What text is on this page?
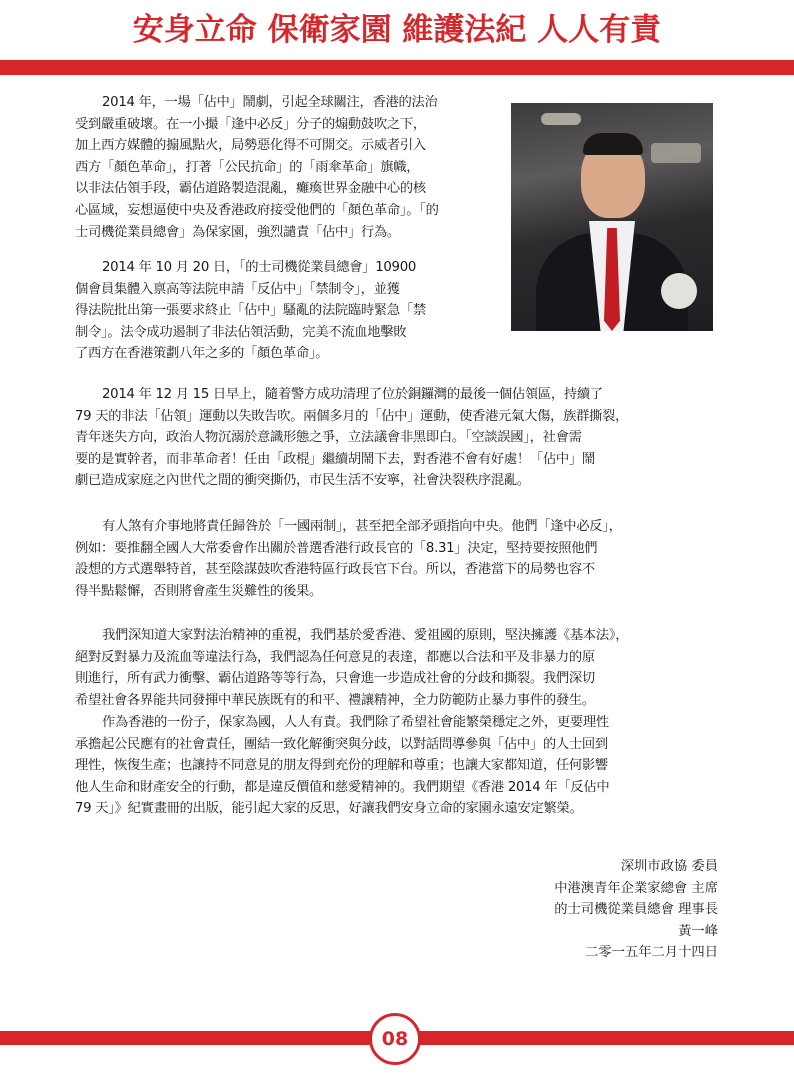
安身立命 保衛家園 維護法紀 人人有責
2014 年，一場「佔中」鬧劇，引起全球關注，香港的法治
受到嚴重破壞。在一小撮「逢中必反」分子的煽動鼓吹之下，
加上西方媒體的搧風點火，局勢惡化得不可開交。示威者引入
西方「顏色革命」，打著「公民抗命」的「雨傘革命」旗幟，
以非法佔領手段，霸佔道路製造混亂，癱瘓世界金融中心的核
心區域，妄想逼使中央及香港政府接受他們的「顏色革命」。「的
士司機從業員總會」為保家園，強烈譴責「佔中」行為。
2014 年 10 月 20 日，「的士司機從業員總會」10900
個會員集體入禀高等法院申請「反佔中」「禁制令」，並獲
得法院批出第一張要求終止「佔中」騷亂的法院臨時緊急「禁
制令」。法令成功遏制了非法佔領活動，完美不流血地擊敗
了西方在香港策劃八年之多的「顏色革命」。
2014 年 12 月 15 日早上，隨着警方成功清理了位於銅鑼灣的最後一個佔領區，持續了
79 天的非法「佔領」運動以失敗告吹。兩個多月的「佔中」運動，使香港元氣大傷，族群撕裂，
青年迷失方向，政治人物沉溺於意識形態之爭，立法議會非黑即白。「空談誤國」，社會需
要的是實幹者，而非革命者！任由「政棍」繼續胡鬧下去，對香港不會有好處！「佔中」鬧
劇已造成家庭之內世代之間的衝突撕仍，市民生活不安寧，社會決裂秩序混亂。
有人煞有介事地將責任歸咎於「一國兩制」，甚至把全部矛頭指向中央。他們「逢中必反」，
例如：要推翻全國人大常委會作出關於普選香港行政長官的「8.31」決定，堅持要按照他們
設想的方式選舉特首，甚至陰謀鼓吹香港特區行政長官下台。所以，香港當下的局勢也容不
得半點鬆懈，否則將會產生災難性的後果。
我們深知道大家對法治精神的重視，我們基於愛香港、愛祖國的原則，堅決擁護《基本法》，
絕對反對暴力及流血等違法行為，我們認為任何意見的表達，都應以合法和平及非暴力的原
則進行，所有武力衝擊、霸佔道路等等行為，只會進一步造成社會的分歧和撕裂。我們深切
希望社會各界能共同發揮中華民族既有的和平、禮讓精神，全力防範防止暴力事件的發生。
作為香港的一份子，保家為國，人人有責。我們除了希望社會能繁榮穩定之外，更要理性
承擔起公民應有的社會責任，團結一致化解衝突與分歧，以對話問導參與「佔中」的人士回到
理性，恢復生產；也讓持不同意見的朋友得到充份的理解和尊重；也讓大家都知道，任何影響
他人生命和財產安全的行動，都是違反價值和慈愛精神的。我們期望《香港 2014 年「反佔中
79 天」》紀實畫冊的出版，能引起大家的反思，好讓我們安身立命的家園永遠安定繁榮。
深圳市政協 委員
中港澳青年企業家總會 主席
的士司機從業員總會 理事長
黃一峰
二零一五年二月十四日
08
